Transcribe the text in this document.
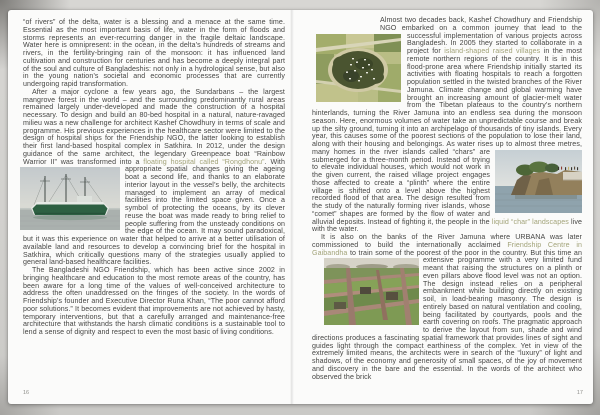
“of rivers” of the delta, water is a blessing and a menace at the same time. Essential as the most important basis of life, water in the form of floods and storms represents an ever-recurring danger in the fragile deltaic landscape. Water here is omnipresent: in the ocean, in the delta’s hundreds of streams and rivers, in the fertility-bringing rain of the monsoon: it has influenced land cultivation and construction for centuries and has become a deeply integral part of the soul and culture of Bangladeshis: not only in a hydrological sense, but also in the young nation’s societal and economic processes that are currently undergoing rapid transformation.

After a major cyclone a few years ago, the Sundarbans – the largest mangrove forest in the world – and the surrounding predominantly rural areas remained largely under-developed and made the construction of a hospital necessary. To design and build an 80-bed hospital in a natural, nature-ravaged milieu was a new challenge for architect Kashef Chowdhury in terms of scale and programme. His previous experiences in the healthcare sector were limited to the design of hospital ships for the Friendship NGO, the latter looking to establish their first land-based hospital complex in Satkhira. In 2012, under the design guidance of the same architect, the legendary Greenpeace boat “Rainbow Warrior II” was transformed into a floating hospital called “Rongdhonu”.
With appropriate spatial changes giving the ageing boat a second life, and thanks to an elaborate interior layout in the vessel’s belly, the architects managed to implement an array of medical facilities into the limited space given. Once a symbol of protecting the oceans, by its clever reuse the boat was made ready to bring relief to people suffering from the unsteady conditions on the edge of the ocean. It may sound paradoxical, but it was this experience on water that helped to arrive at a better utilisation of available land and resources to develop a convincing brief for the hospital in Satkhira, which critically questions many of the strategies usually applied to general land-based healthcare facilities.

The Bangladeshi NGO Friendship, which has been active since 2002 in bringing healthcare and education to the most remote areas of the country, has been aware for a long time of the values of well-conceived architecture to address the often unaddressed on the fringes of the society. In the words of Friendship’s founder and Executive Director Runa Khan, “The poor cannot afford poor solutions.” It becomes evident that improvements are not achieved by hasty, temporary interventions, but that a carefully arranged and maintenance-free architecture that withstands the harsh climatic conditions is a sustainable tool to lend a sense of dignity and respect to even the most basic of living conditions.

16

Almost two decades back, Kashef Chowdhury and Friendship NGO embarked on a common journey that lead to the successful implementation of various projects across Bangladesh. In 2005 they started to collaborate in a project for island-shaped raised villages in the most remote northern regions of the country. It is in this flood-prone area where Friendship initially started its activities with floating hospitals to reach a forgotten population settled in the twisted branches of the River Jamuna. Climate change and global warming have brought an increasing amount of glacier-melt water from the Tibetan plateaus to the country’s northern hinterlands, turning the River Jamuna into an endless sea during the monsoon season. Here, enormous volumes of water take an unpredictable course and break up the silty ground, turning it into an archipelago of thousands of tiny islands. Every year, this causes some of the poorest sections of the population to lose their land, along with their housing and belongings. As water rises up to almost three metres, many homes in the river islands called “chars” are
submerged for a three-month period. Instead of trying to elevate individual houses, which would not work in the given current, the raised village project engages those affected to create a “plinth” where the entire village is shifted onto a level above the highest recorded flood of that area. The design resulted from the study of the naturally forming river islands, whose “comet” shapes are formed by the flow of water and alluvial deposits. Instead of fighting it, the people in the liquid “char” landscapes live with the water.

It is also on the banks of the River Jamuna where URBANA was later commissioned to build the internationally acclaimed Friendship Centre in Gaibandha to train some of the poorest of the poor in the
country. But this time an extensive programme with a very limited fund meant that raising the structures on a plinth or even pillars above flood level was not an option. The design instead relies on a peripheral embankment while building directly on existing soil, in load-bearing masonry. The design is entirely based on natural ventilation and cooling, being facilitated by courtyards, pools and the earth covering on roofs. The pragmatic approach to derive the layout from sun, shade and wind directions produces a fascinating spatial framework that provides lines of sight and guides light through the compact earthiness of the complex. Yet in view of the extremely limited means, the architects were in search of the “luxury” of light and shadows, of the economy and generosity of small spaces, of the joy of movement and discovery in the bare and the essential. In the words of the architect who observed the brick

17
